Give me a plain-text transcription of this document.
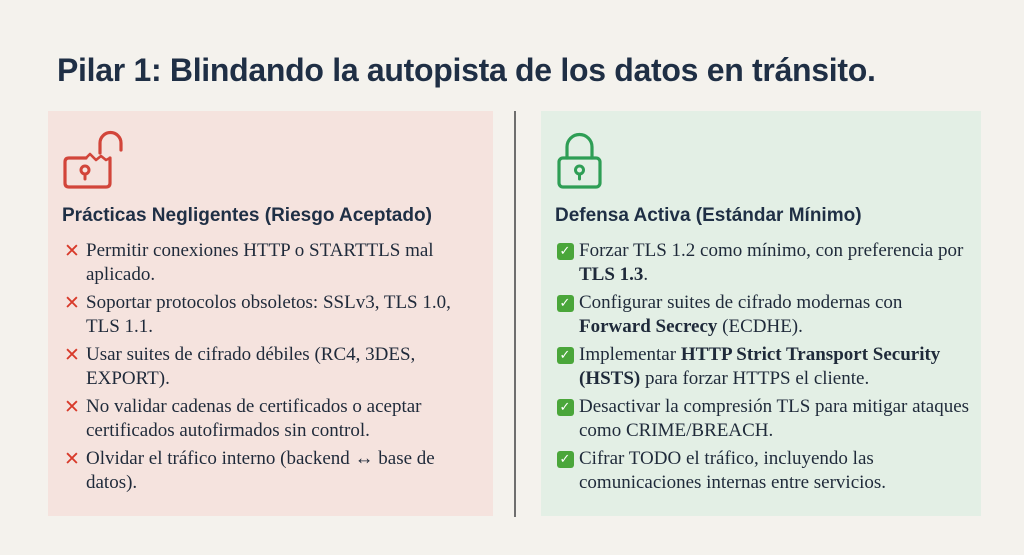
Pilar 1: Blindando la autopista de los datos en tránsito.
Prácticas Negligentes (Riesgo Aceptado)
✕ Permitir conexiones HTTP o STARTTLS mal aplicado.
✕ Soportar protocolos obsoletos: SSLv3, TLS 1.0, TLS 1.1.
✕ Usar suites de cifrado débiles (RC4, 3DES, EXPORT).
✕ No validar cadenas de certificados o aceptar certificados autofirmados sin control.
✕ Olvidar el tráfico interno (backend ↔ base de datos).
Defensa Activa (Estándar Mínimo)
✓ Forzar TLS 1.2 como mínimo, con preferencia por TLS 1.3.
✓ Configurar suites de cifrado modernas con Forward Secrecy (ECDHE).
✓ Implementar HTTP Strict Transport Security (HSTS) para forzar HTTPS el cliente.
✓ Desactivar la compresión TLS para mitigar ataques como CRIME/BREACH.
✓ Cifrar TODO el tráfico, incluyendo las comunicaciones internas entre servicios.
